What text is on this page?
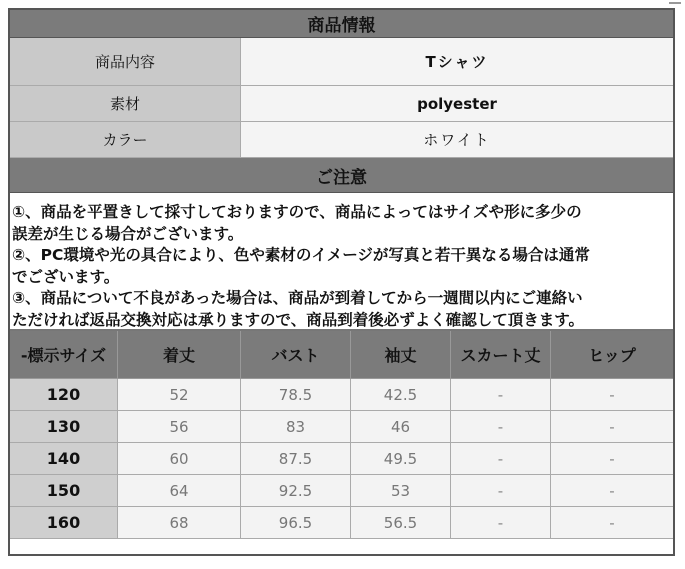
商品情報
商品内容	Tシャツ
素材	polyester
カラー	ホワイト
ご注意

①、商品を平置きして採寸しておりますので、商品によってはサイズや形に多少の

誤差が生じる場合がございます。

②、PC環境や光の具合により、色や素材のイメージが写真と若干異なる場合は通常

でございます。

③、商品について不良があった場合は、商品が到着してから一週間以内にご連絡い

ただければ返品交換対応は承りますので、商品到着後必ずよく確認して頂きます。

-標示サイズ	着丈	バスト	袖丈	スカート丈	ヒップ
120	52	78.5	42.5	-	-
130	56	83	46	-	-
140	60	87.5	49.5	-	-
150	64	92.5	53	-	-
160	68	96.5	56.5	-	-
